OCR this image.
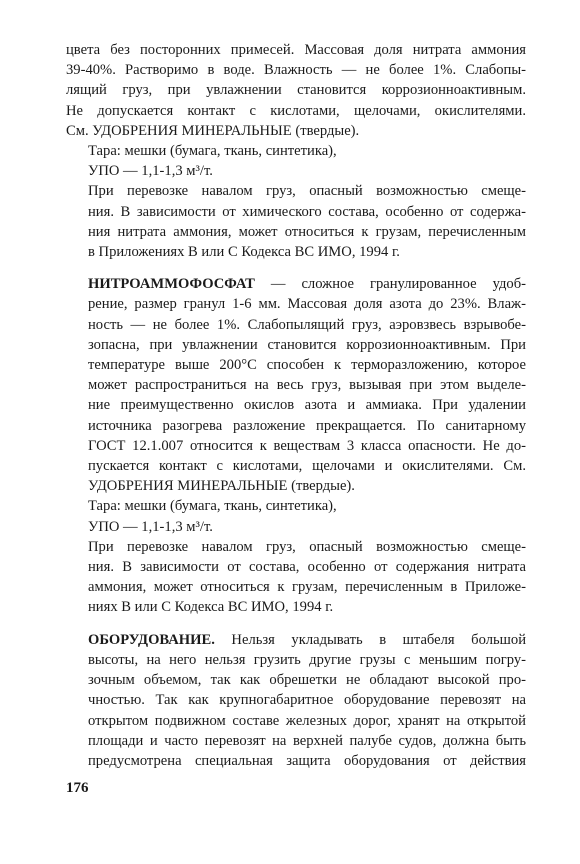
цвета без посторонних примесей. Массовая доля нитрата аммония
39-40%. Растворимо в воде. Влажность — не более 1%. Слабопы-
лящий груз, при увлажнении становится коррозионноактивным.
Не допускается контакт с кислотами, щелочами, окислителями.
См. УДОБРЕНИЯ МИНЕРАЛЬНЫЕ (твердые).
Тара: мешки (бумага, ткань, синтетика),
УПО — 1,1-1,3 м³/т.
При перевозке навалом груз, опасный возможностью смеще-
ния. В зависимости от химического состава, особенно от содержа-
ния нитрата аммония, может относиться к грузам, перечисленным
в Приложениях В или С Кодекса ВС ИМО, 1994 г.
НИТРОАММОФОСФАТ — сложное гранулированное удоб-
рение, размер гранул 1-6 мм. Массовая доля азота до 23%. Влаж-
ность — не более 1%. Слабопылящий груз, аэровзвесь взрывобе-
зопасна, при увлажнении становится коррозионноактивным. При
температуре выше 200°С способен к терморазложению, которое
может распространиться на весь груз, вызывая при этом выделе-
ние преимущественно окислов азота и аммиака. При удалении
источника разогрева разложение прекращается. По санитарному
ГОСТ 12.1.007 относится к веществам 3 класса опасности. Не до-
пускается контакт с кислотами, щелочами и окислителями. См.
УДОБРЕНИЯ МИНЕРАЛЬНЫЕ (твердые).
Тара: мешки (бумага, ткань, синтетика),
УПО — 1,1-1,3 м³/т.
При перевозке навалом груз, опасный возможностью смеще-
ния. В зависимости от состава, особенно от содержания нитрата
аммония, может относиться к грузам, перечисленным в Приложе-
ниях В или С Кодекса ВС ИМО, 1994 г.
ОБОРУДОВАНИЕ. Нельзя укладывать в штабеля большой
высоты, на него нельзя грузить другие грузы с меньшим погру-
зочным объемом, так как обрешетки не обладают высокой про-
чностью. Так как крупногабаритное оборудование перевозят на
открытом подвижном составе железных дорог, хранят на открытой
площади и часто перевозят на верхней палубе судов, должна быть
предусмотрена специальная защита оборудования от действия
176
